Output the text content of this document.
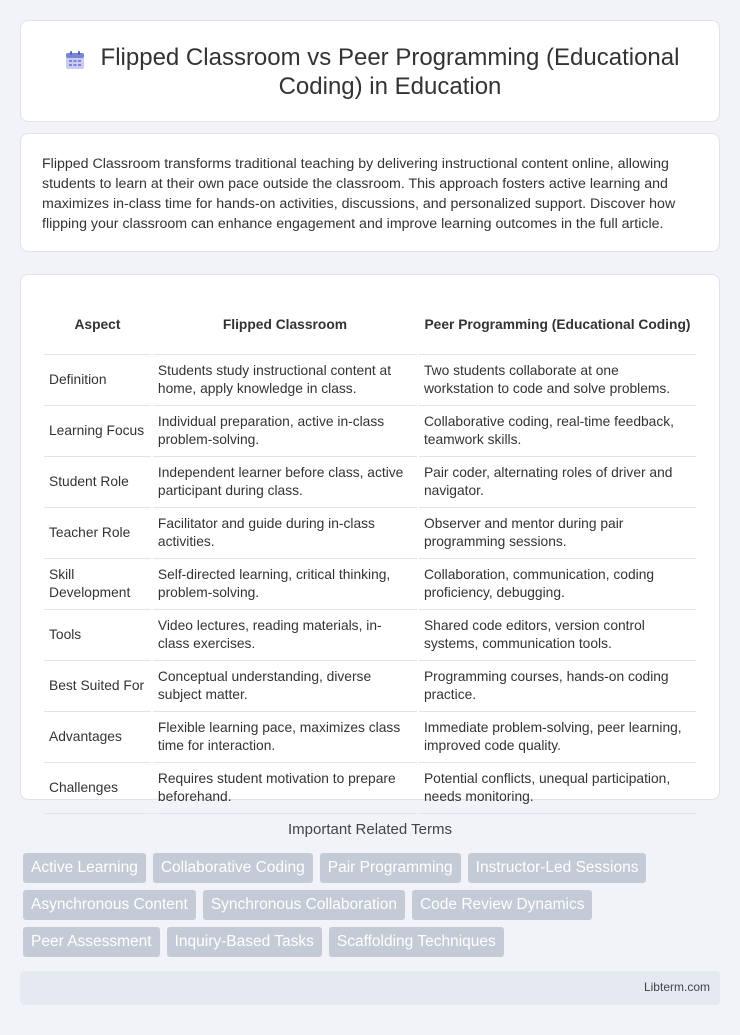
Flipped Classroom vs Peer Programming (Educational Coding) in Education

Flipped Classroom transforms traditional teaching by delivering instructional content online, allowing students to learn at their own pace outside the classroom. This approach fosters active learning and maximizes in-class time for hands-on activities, discussions, and personalized support. Discover how flipping your classroom can enhance engagement and improve learning outcomes in the full article.

Aspect	Flipped Classroom	Peer Programming (Educational Coding)
Definition	Students study instructional content at home, apply knowledge in class.	Two students collaborate at one workstation to code and solve problems.
Learning Focus	Individual preparation, active in-class problem-solving.	Collaborative coding, real-time feedback, teamwork skills.
Student Role	Independent learner before class, active participant during class.	Pair coder, alternating roles of driver and navigator.
Teacher Role	Facilitator and guide during in-class activities.	Observer and mentor during pair programming sessions.
Skill Development	Self-directed learning, critical thinking, problem-solving.	Collaboration, communication, coding proficiency, debugging.
Tools	Video lectures, reading materials, in-class exercises.	Shared code editors, version control systems, communication tools.
Best Suited For	Conceptual understanding, diverse subject matter.	Programming courses, hands-on coding practice.
Advantages	Flexible learning pace, maximizes class time for interaction.	Immediate problem-solving, peer learning, improved code quality.
Challenges	Requires student motivation to prepare beforehand.	Potential conflicts, unequal participation, needs monitoring.
Important Related Terms
Active Learning	Collaborative Coding	Pair Programming	Instructor-Led Sessions
Asynchronous Content	Synchronous Collaboration	Code Review Dynamics
Peer Assessment	Inquiry-Based Tasks	Scaffolding Techniques
Libterm.com
